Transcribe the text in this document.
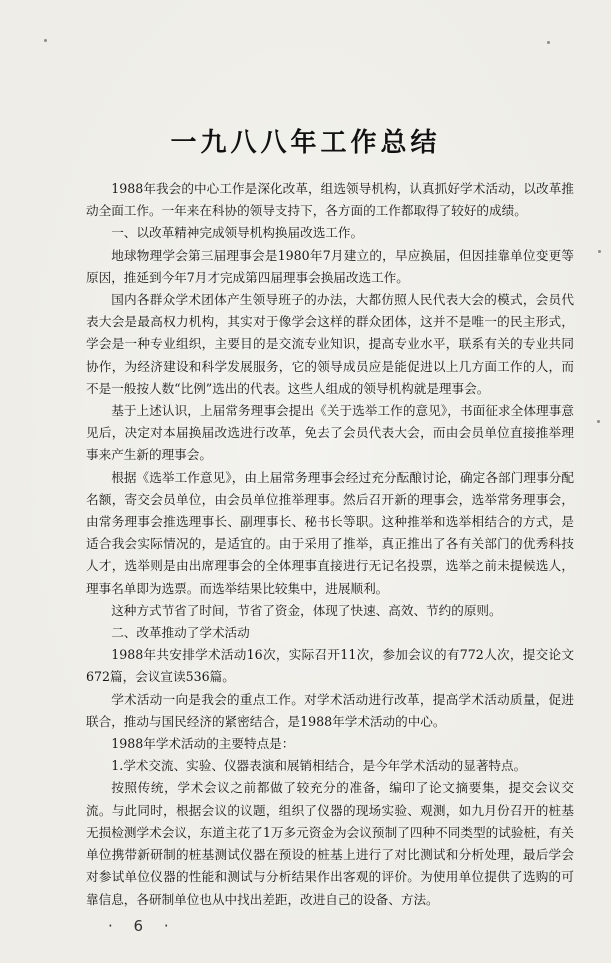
一九八八年工作总结

1988年我会的中心工作是深化改革，组选领导机构，认真抓好学术活动，以改革推动全面工作。一年来在科协的领导支持下，各方面的工作都取得了较好的成绩。

一、以改革精神完成领导机构换届改选工作。

地球物理学会第三届理事会是1980年7月建立的，早应换届，但因挂靠单位变更等原因，推延到今年7月才完成第四届理事会换届改选工作。

国内各群众学术团体产生领导班子的办法，大都仿照人民代表大会的模式，会员代表大会是最高权力机构，其实对于像学会这样的群众团体，这并不是唯一的民主形式，学会是一种专业组织，主要目的是交流专业知识，提高专业水平，联系有关的专业共同协作，为经济建设和科学发展服务，它的领导成员应是能促进以上几方面工作的人，而不是一般按人数“比例”选出的代表。这些人组成的领导机构就是理事会。

基于上述认识，上届常务理事会提出《关于选举工作的意见》，书面征求全体理事意见后，决定对本届换届改选进行改革，免去了会员代表大会，而由会员单位直接推举理事来产生新的理事会。

根据《选举工作意见》，由上届常务理事会经过充分酝酿讨论，确定各部门理事分配名额，寄交会员单位，由会员单位推举理事。然后召开新的理事会，选举常务理事会，由常务理事会推选理事长、副理事长、秘书长等职。这种推举和选举相结合的方式，是适合我会实际情况的，是适宜的。由于采用了推举，真正推出了各有关部门的优秀科技人才，选举则是由出席理事会的全体理事直接进行无记名投票，选举之前未提候选人，理事名单即为选票。而选举结果比较集中，进展顺利。

这种方式节省了时间，节省了资金，体现了快速、高效、节约的原则。

二、改革推动了学术活动

1988年共安排学术活动16次，实际召开11次，参加会议的有772人次，提交论文672篇，会议宣读536篇。

学术活动一向是我会的重点工作。对学术活动进行改革，提高学术活动质量，促进联合，推动与国民经济的紧密结合，是1988年学术活动的中心。

1988年学术活动的主要特点是：

1.学术交流、实验、仪器表演和展销相结合，是今年学术活动的显著特点。

按照传统，学术会议之前都做了较充分的准备，编印了论文摘要集，提交会议交流。与此同时，根据会议的议题，组织了仪器的现场实验、观测，如九月份召开的桩基无损检测学术会议，东道主花了1万多元资金为会议预制了四种不同类型的试验桩，有关单位携带新研制的桩基测试仪器在预设的桩基上进行了对比测试和分析处理，最后学会对参试单位仪器的性能和测试与分析结果作出客观的评价。为使用单位提供了选购的可靠信息，各研制单位也从中找出差距，改进自己的设备、方法。

· 6 ·
